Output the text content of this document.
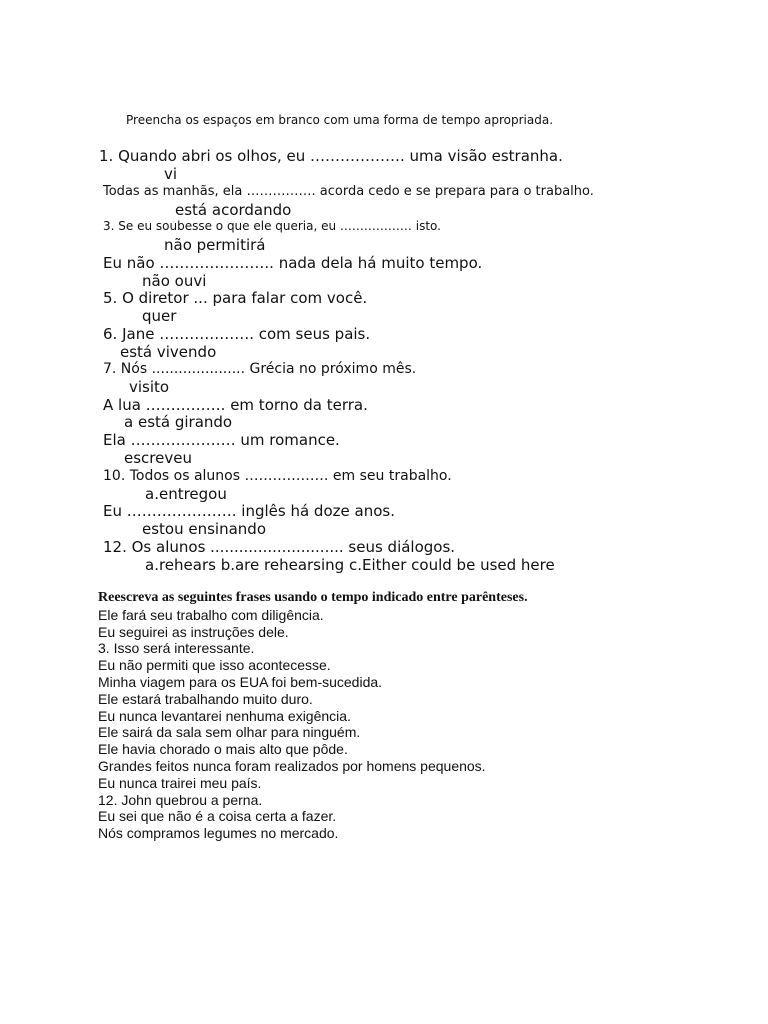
Preencha os espaços em branco com uma forma de tempo apropriada.
1. Quando abri os olhos, eu ………………. uma visão estranha.
vi
Todas as manhãs, ela ……………. acorda cedo e se prepara para o trabalho.
está acordando
3. Se eu soubesse o que ele queria, eu ……………… isto.
não permitirá
Eu não ………………….. nada dela há muito tempo.
não ouvi
5. O diretor ... para falar com você.
quer
6. Jane ………………. com seus pais.
está vivendo
7. Nós ..................... Grécia no próximo mês.
visito
A lua ……………. em torno da terra.
a está girando
Ela ………………… um romance.
escreveu
10. Todos os alunos ……………… em seu trabalho.
a.entregou
Eu …………………. inglês há doze anos.
estou ensinando
12. Os alunos ............................ seus diálogos.
a.rehears b.are rehearsing c.Either could be used here
Reescreva as seguintes frases usando o tempo indicado entre parênteses.
Ele fará seu trabalho com diligência.
Eu seguirei as instruções dele.
3. Isso será interessante.
Eu não permiti que isso acontecesse.
Minha viagem para os EUA foi bem-sucedida.
Ele estará trabalhando muito duro.
Eu nunca levantarei nenhuma exigência.
Ele sairá da sala sem olhar para ninguém.
Ele havia chorado o mais alto que pôde.
Grandes feitos nunca foram realizados por homens pequenos.
Eu nunca trairei meu país.
12. John quebrou a perna.
Eu sei que não é a coisa certa a fazer.
Nós compramos legumes no mercado.
